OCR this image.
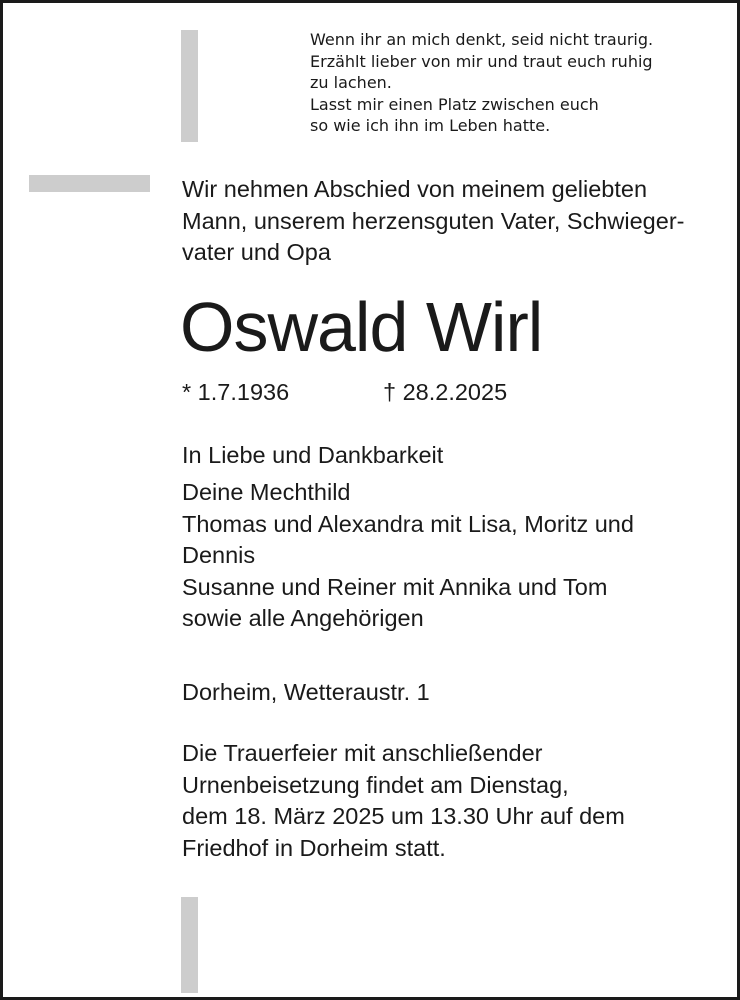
Wenn ihr an mich denkt, seid nicht traurig.
Erzählt lieber von mir und traut euch ruhig
zu lachen.
Lasst mir einen Platz zwischen euch
so wie ich ihn im Leben hatte.
Wir nehmen Abschied von meinem geliebten
Mann, unserem herzensguten Vater, Schwieger-
vater und Opa
Oswald Wirl
* 1.7.1936	† 28.2.2025
In Liebe und Dankbarkeit
Deine Mechthild
Thomas und Alexandra mit Lisa, Moritz und
Dennis
Susanne und Reiner mit Annika und Tom
sowie alle Angehörigen
Dorheim, Wetteraustr. 1
Die Trauerfeier mit anschließender
Urnenbeisetzung findet am Dienstag,
dem 18. März 2025 um 13.30 Uhr auf dem
Friedhof in Dorheim statt.
